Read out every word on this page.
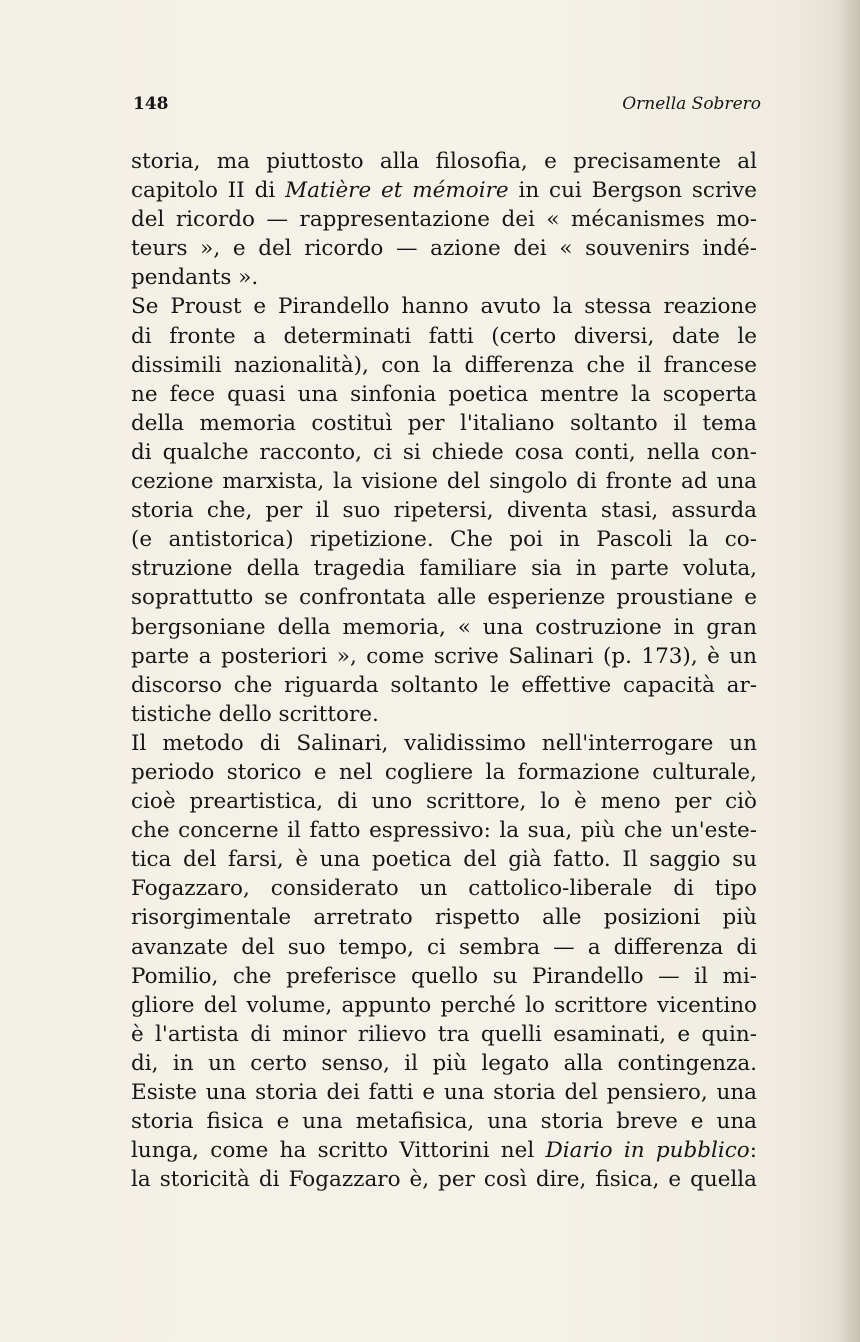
148	Ornella Sobrero
storia, ma piuttosto alla filosofia, e precisamente al
capitolo II di Matière et mémoire in cui Bergson scrive
del ricordo — rappresentazione dei « mécanismes mo-
teurs », e del ricordo — azione dei « souvenirs indé-
pendants ».
Se Proust e Pirandello hanno avuto la stessa reazione
di fronte a determinati fatti (certo diversi, date le
dissimili nazionalità), con la differenza che il francese
ne fece quasi una sinfonia poetica mentre la scoperta
della memoria costituì per l'italiano soltanto il tema
di qualche racconto, ci si chiede cosa conti, nella con-
cezione marxista, la visione del singolo di fronte ad una
storia che, per il suo ripetersi, diventa stasi, assurda
(e antistorica) ripetizione. Che poi in Pascoli la co-
struzione della tragedia familiare sia in parte voluta,
soprattutto se confrontata alle esperienze proustiane e
bergsoniane della memoria, « una costruzione in gran
parte a posteriori », come scrive Salinari (p. 173), è un
discorso che riguarda soltanto le effettive capacità ar-
tistiche dello scrittore.
Il metodo di Salinari, validissimo nell'interrogare un
periodo storico e nel cogliere la formazione culturale,
cioè preartistica, di uno scrittore, lo è meno per ciò
che concerne il fatto espressivo: la sua, più che un'este-
tica del farsi, è una poetica del già fatto. Il saggio su
Fogazzaro, considerato un cattolico-liberale di tipo
risorgimentale arretrato rispetto alle posizioni più
avanzate del suo tempo, ci sembra — a differenza di
Pomilio, che preferisce quello su Pirandello — il mi-
gliore del volume, appunto perché lo scrittore vicentino
è l'artista di minor rilievo tra quelli esaminati, e quin-
di, in un certo senso, il più legato alla contingenza.
Esiste una storia dei fatti e una storia del pensiero, una
storia fisica e una metafisica, una storia breve e una
lunga, come ha scritto Vittorini nel Diario in pubblico:
la storicità di Fogazzaro è, per così dire, fisica, e quella
